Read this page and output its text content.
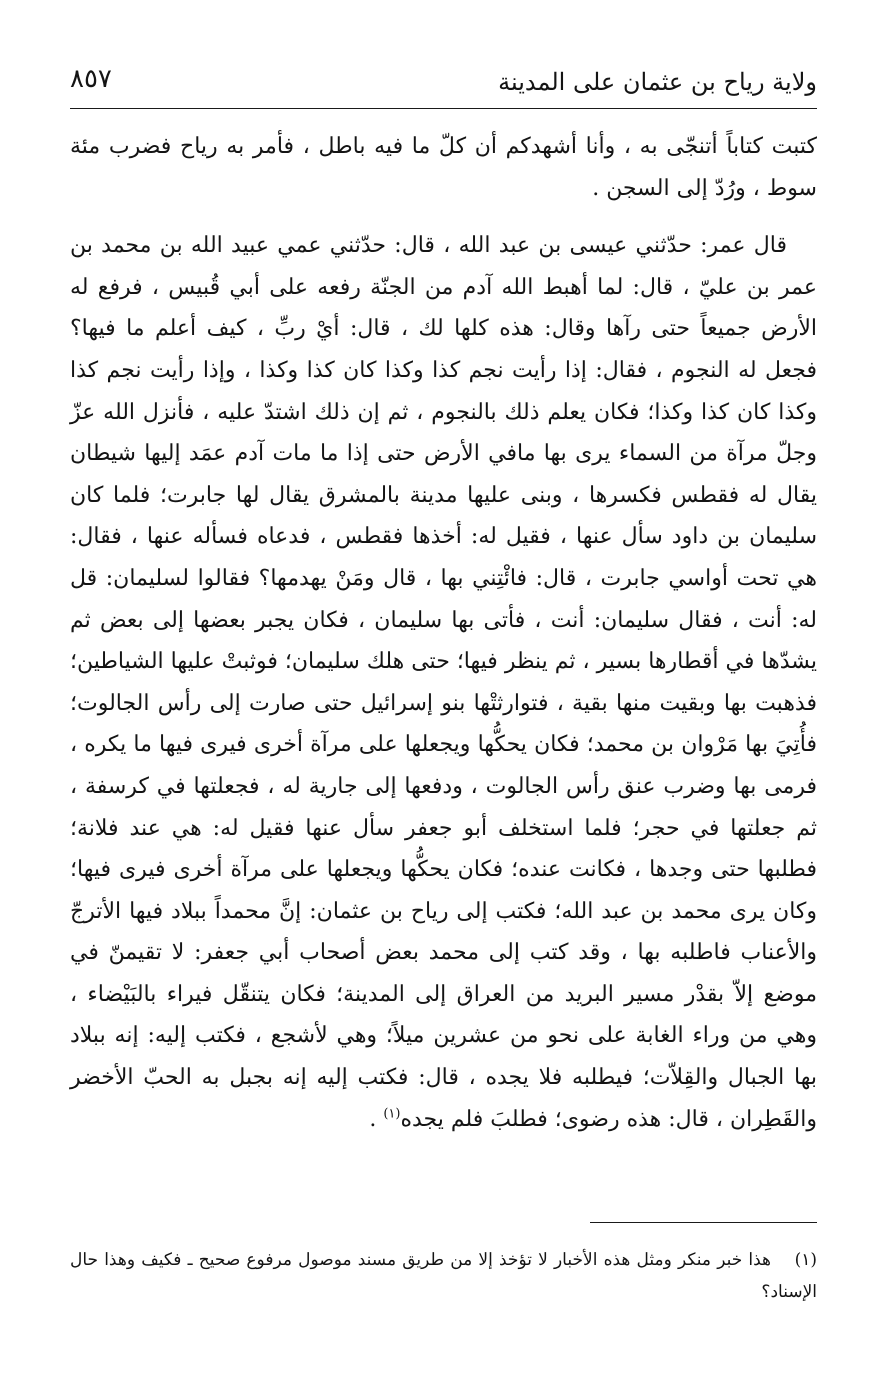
ولاية رياح بن عثمان على المدينة
٨٥٧

كتبت كتاباً أتنجّى به ، وأنا أشهدكم أن كلّ ما فيه باطل ، فأمر به رياح فضرب مئة سوط ، ورُدّ إلى السجن .

قال عمر: حدّثني عيسى بن عبد الله ، قال: حدّثني عمي عبيد الله بن محمد بن عمر بن عليّ ، قال: لما أهبط الله آدم من الجنّة رفعه على أبي قُبيس ، فرفع له الأرض جميعاً حتى رآها وقال: هذه كلها لك ، قال: أيْ ربِّ ، كيف أعلم ما فيها؟ فجعل له النجوم ، فقال: إذا رأيت نجم كذا وكذا كان كذا وكذا ، وإذا رأيت نجم كذا وكذا كان كذا وكذا؛ فكان يعلم ذلك بالنجوم ، ثم إن ذلك اشتدّ عليه ، فأنزل الله عزّ وجلّ مرآة من السماء يرى بها مافي الأرض حتى إذا ما مات آدم عمَد إليها شيطان يقال له فقطس فكسرها ، وبنى عليها مدينة بالمشرق يقال لها جابرت؛ فلما كان سليمان بن داود سأل عنها ، فقيل له: أخذها فقطس ، فدعاه فسأله عنها ، فقال: هي تحت أواسي جابرت ، قال: فائْتِني بها ، قال ومَنْ يهدمها؟ فقالوا لسليمان: قل له: أنت ، فقال سليمان: أنت ، فأتى بها سليمان ، فكان يجبر بعضها إلى بعض ثم يشدّها في أقطارها بسير ، ثم ينظر فيها؛ حتى هلك سليمان؛ فوثبتْ عليها الشياطين؛ فذهبت بها وبقيت منها بقية ، فتوارثتْها بنو إسرائيل حتى صارت إلى رأس الجالوت؛ فأُتِيَ بها مَرْوان بن محمد؛ فكان يحكُّها ويجعلها على مرآة أخرى فيرى فيها ما يكره ، فرمى بها وضرب عنق رأس الجالوت ، ودفعها إلى جارية له ، فجعلتها في كرسفة ، ثم جعلتها في حجر؛ فلما استخلف أبو جعفر سأل عنها فقيل له: هي عند فلانة؛ فطلبها حتى وجدها ، فكانت عنده؛ فكان يحكُّها ويجعلها على مرآة أخرى فيرى فيها؛ وكان يرى محمد بن عبد الله؛ فكتب إلى رياح بن عثمان: إنَّ محمداً ببلاد فيها الأترجّ والأعناب فاطلبه بها ، وقد كتب إلى محمد بعض أصحاب أبي جعفر: لا تقيمنّ في موضع إلاّ بقدْر مسير البريد من العراق إلى المدينة؛ فكان يتنقّل فيراء بالبَيْضاء ، وهي من وراء الغابة على نحو من عشرين ميلاً؛ وهي لأشجع ، فكتب إليه: إنه ببلاد بها الجبال والقِلاّت؛ فيطلبه فلا يجده ، قال: فكتب إليه إنه بجبل به الحبّ الأخضر والقَطِران ، قال: هذه رضوى؛ فطلبَ فلم يجده$^{(١)}$ .

(١)هذا خبر منكر ومثل هذه الأخبار لا تؤخذ إلا من طريق مسند موصول مرفوع صحيح ـ فكيف وهذا حال الإسناد؟
